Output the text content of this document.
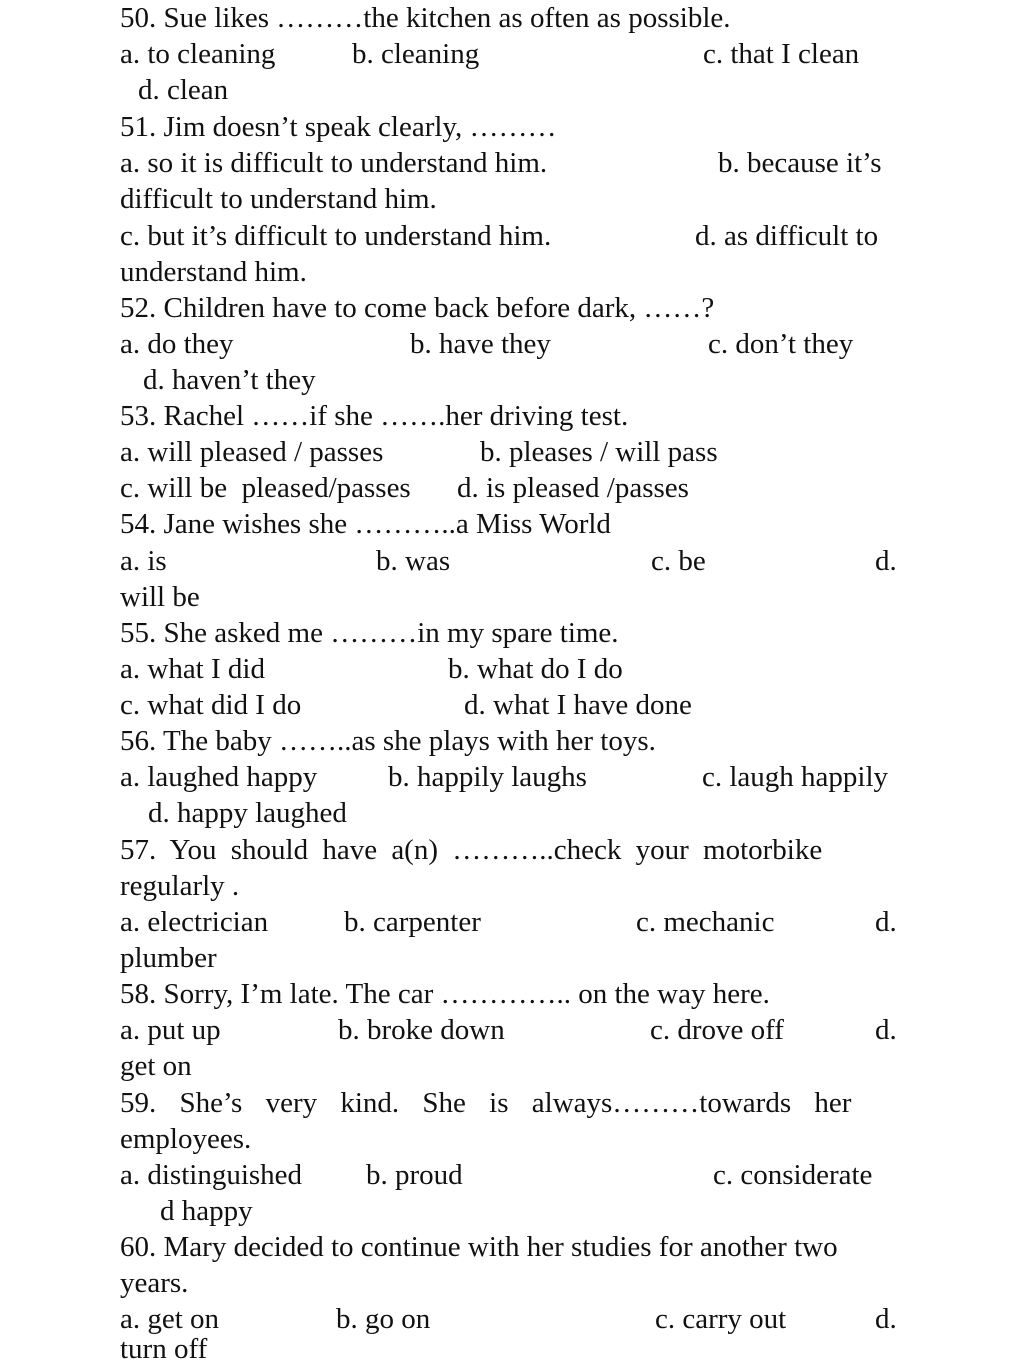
50. Sue likes ………the kitchen as often as possible.
a. to cleaning	b. cleaning	c. that I clean
d. clean
51. Jim doesn’t speak clearly, ………
a. so it is difficult to understand him.	b. because it’s
difficult to understand him.
c. but it’s difficult to understand him.	d. as difficult to
understand him.
52. Children have to come back before dark, ……?
a. do they	b. have they	c. don’t they
d. haven’t they
53. Rachel ……if she …….her driving test.
a. will pleased / passes	b. pleases / will pass
c. will be  pleased/passes d. is pleased /passes
54. Jane wishes she ………..a Miss World
a. is	b. was	c. be	d.
will be
55. She asked me ………in my spare time.
a. what I did	b. what do I do
c. what did I do	d. what I have done
56. The baby ……..as she plays with her toys.
a. laughed happy b. happily laughs	c. laugh happily
d. happy laughed
57. You should have a(n) ………..check your motorbike
regularly .
a. electrician	b. carpenter	c. mechanic	d.
plumber
58. Sorry, I’m late. The car ………….. on the way here.
a. put up	b. broke down	c. drove off	d.
get on
59. She’s very kind. She is always………towards her
employees.
a. distinguished b. proud	c. considerate
d happy
60. Mary decided to continue with her studies for another two
years.
a. get on	b. go on	c. carry out	d.
turn off
